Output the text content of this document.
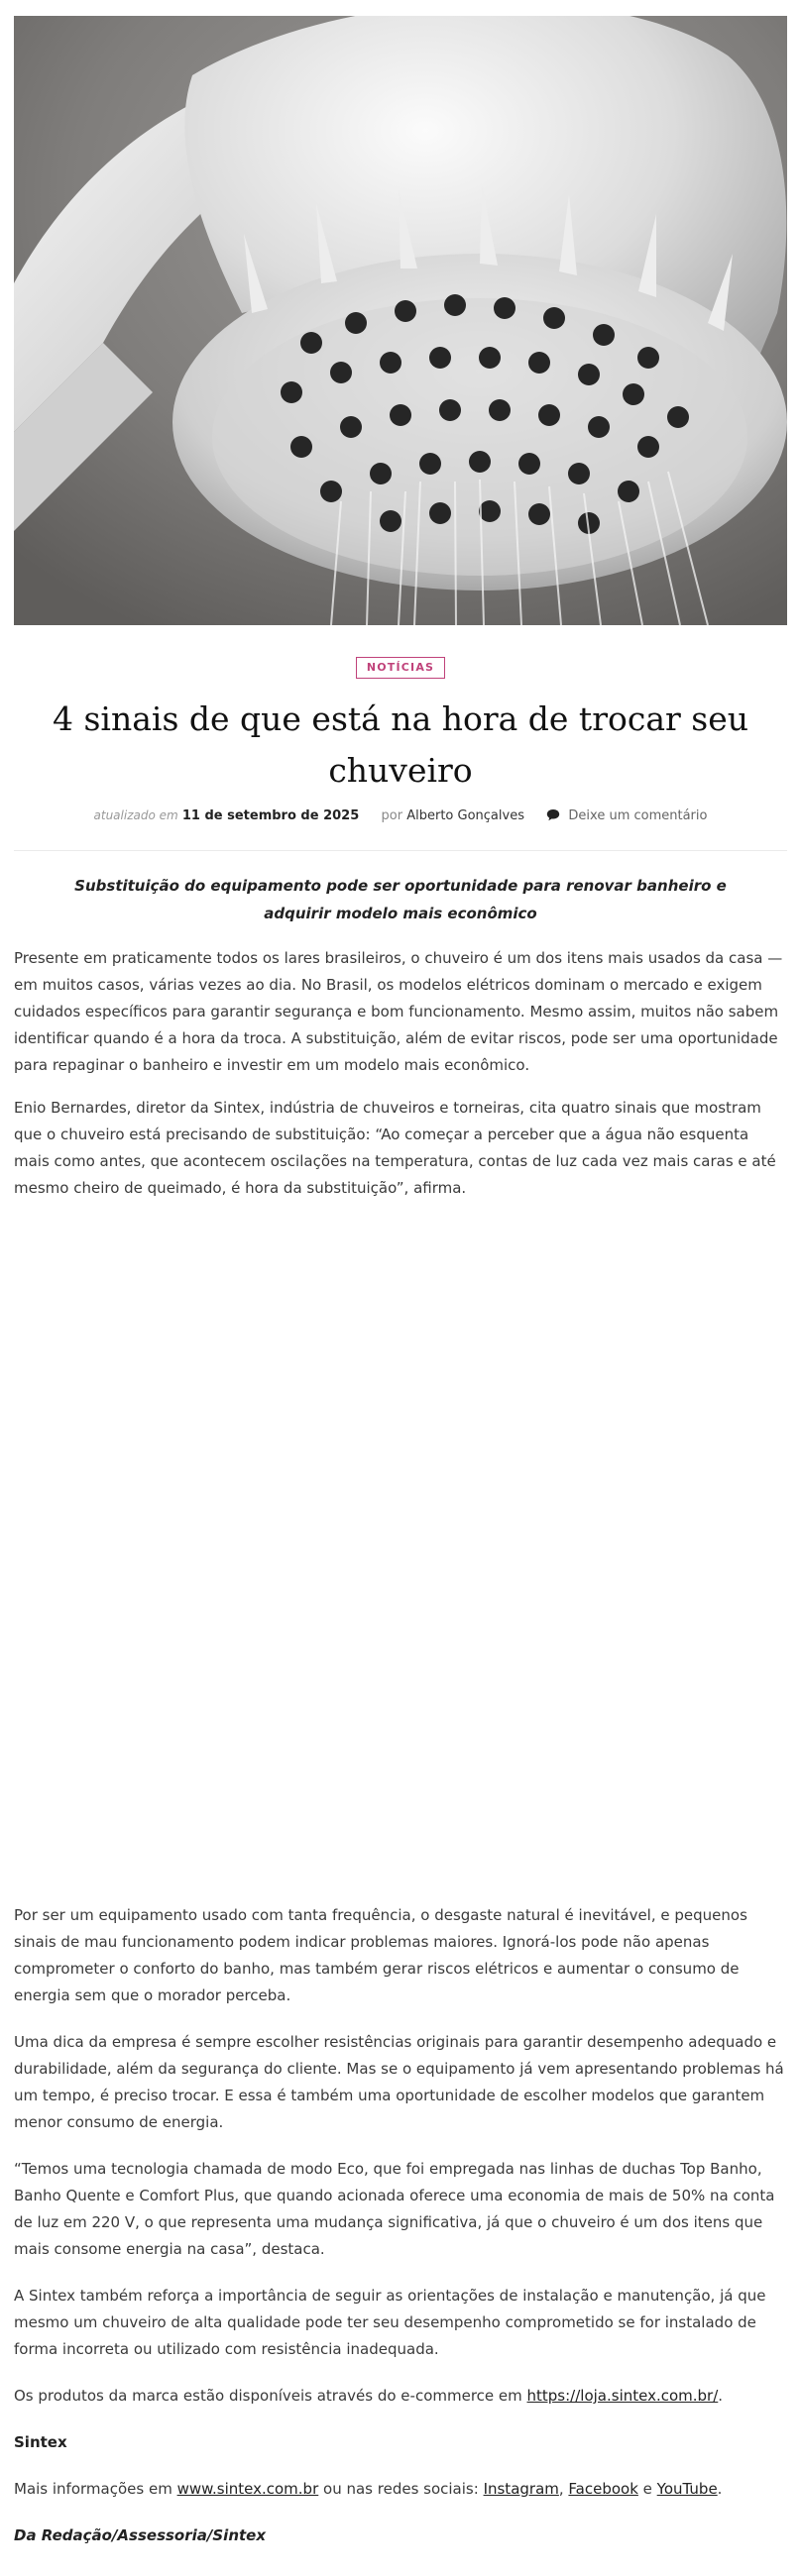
NOTÍCIAS
4 sinais de que está na hora de trocar seu chuveiro
atualizado em 11 de setembro de 2025 por Alberto Gonçalves	Deixe um comentário

Substituição do equipamento pode ser oportunidade para renovar banheiro e adquirir modelo mais econômico

Presente em praticamente todos os lares brasileiros, o chuveiro é um dos itens mais usados da casa — em muitos casos, várias vezes ao dia. No Brasil, os modelos elétricos dominam o mercado e exigem cuidados específicos para garantir segurança e bom funcionamento. Mesmo assim, muitos não sabem identificar quando é a hora da troca. A substituição, além de evitar riscos, pode ser uma oportunidade para repaginar o banheiro e investir em um modelo mais econômico.

Enio Bernardes, diretor da Sintex, indústria de chuveiros e torneiras, cita quatro sinais que mostram que o chuveiro está precisando de substituição: “Ao começar a perceber que a água não esquenta mais como antes, que acontecem oscilações na temperatura, contas de luz cada vez mais caras e até mesmo cheiro de queimado, é hora da substituição”, afirma.

Por ser um equipamento usado com tanta frequência, o desgaste natural é inevitável, e pequenos sinais de mau funcionamento podem indicar problemas maiores. Ignorá-los pode não apenas comprometer o conforto do banho, mas também gerar riscos elétricos e aumentar o consumo de energia sem que o morador perceba.

Uma dica da empresa é sempre escolher resistências originais para garantir desempenho adequado e durabilidade, além da segurança do cliente. Mas se o equipamento já vem apresentando problemas há um tempo, é preciso trocar. E essa é também uma oportunidade de escolher modelos que garantem menor consumo de energia.

“Temos uma tecnologia chamada de modo Eco, que foi empregada nas linhas de duchas Top Banho, Banho Quente e Comfort Plus, que quando acionada oferece uma economia de mais de 50% na conta de luz em 220 V, o que representa uma mudança significativa, já que o chuveiro é um dos itens que mais consome energia na casa”, destaca.

A Sintex também reforça a importância de seguir as orientações de instalação e manutenção, já que mesmo um chuveiro de alta qualidade pode ter seu desempenho comprometido se for instalado de forma incorreta ou utilizado com resistência inadequada.

Os produtos da marca estão disponíveis através do e-commerce em https://loja.sintex.com.br/.

Sintex

Mais informações em www.sintex.com.br ou nas redes sociais: Instagram, Facebook e YouTube.

Da Redação/Assessoria/Sintex
